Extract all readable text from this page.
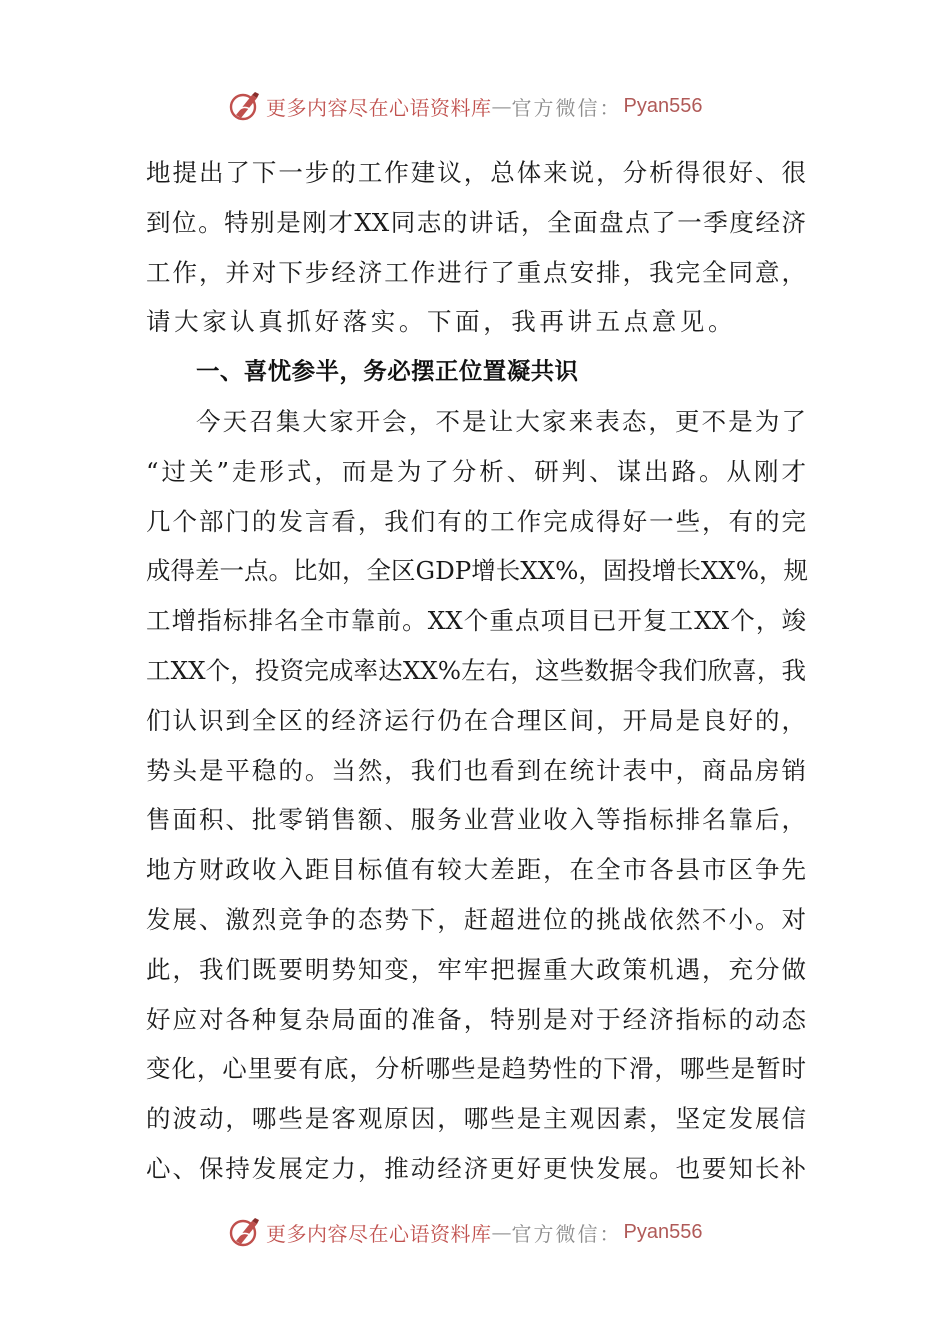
更多内容尽在心语资料库 — 官方微信： Pyan556
地提出了下一步的工作建议，总体来说，分析得很好、很
到位。特别是刚才XX同志的讲话，全面盘点了一季度经济
工作，并对下步经济工作进行了重点安排，我完全同意，
请大家认真抓好落实。下面，我再讲五点意见。
一、喜忧参半，务必摆正位置凝共识
今天召集大家开会，不是让大家来表态，更不是为了
“过关”走形式，而是为了分析、研判、谋出路。从刚才
几个部门的发言看，我们有的工作完成得好一些，有的完
成得差一点。比如，全区GDP增长XX%，固投增长XX%，规
工增指标排名全市靠前。XX个重点项目已开复工XX个，竣
工XX个，投资完成率达XX%左右，这些数据令我们欣喜，我
们认识到全区的经济运行仍在合理区间，开局是良好的，
势头是平稳的。当然，我们也看到在统计表中，商品房销
售面积、批零销售额、服务业营业收入等指标排名靠后，
地方财政收入距目标值有较大差距，在全市各县市区争先
发展、激烈竞争的态势下，赶超进位的挑战依然不小。对
此，我们既要明势知变，牢牢把握重大政策机遇，充分做
好应对各种复杂局面的准备，特别是对于经济指标的动态
变化，心里要有底，分析哪些是趋势性的下滑，哪些是暂时
的波动，哪些是客观原因，哪些是主观因素，坚定发展信
心、保持发展定力，推动经济更好更快发展。也要知长补
更多内容尽在心语资料库 — 官方微信： Pyan556
